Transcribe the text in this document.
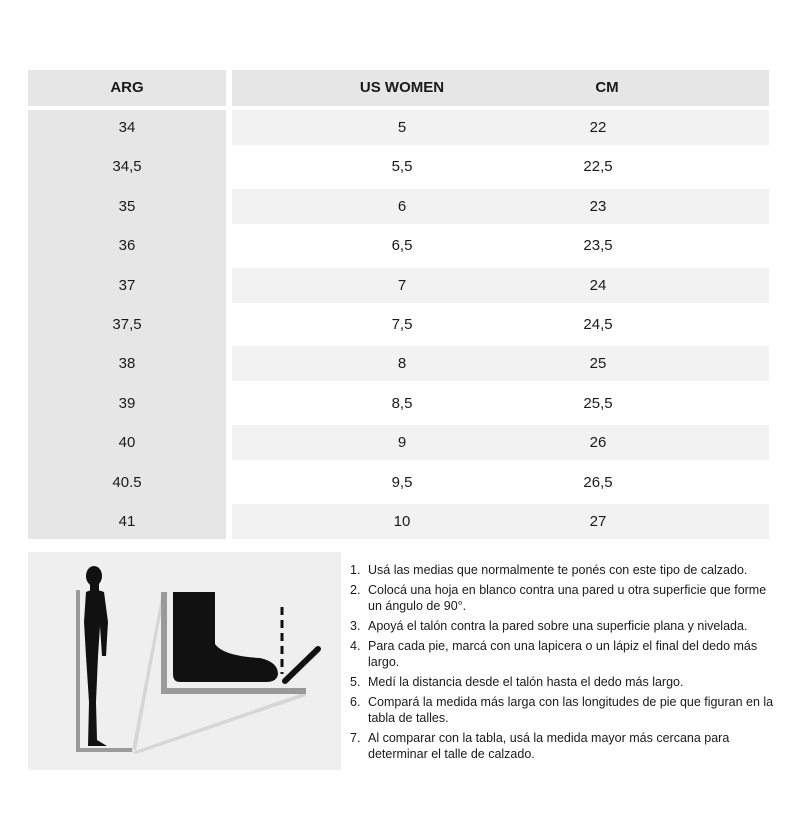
ARG	US WOMEN	CM
34	5	22
34,5	5,5	22,5
35	6	23
36	6,5	23,5
37	7	24
37,5	7,5	24,5
38	8	25
39	8,5	25,5
40	9	26
40.5	9,5	26,5
41	10	27
1. Usá las medias que normalmente te ponés con este tipo de calzado.
2. Colocá una hoja en blanco contra una pared u otra superficie que forme un ángulo de 90°.
3. Apoyá el talón contra la pared sobre una superficie plana y nivelada.
4. Para cada pie, marcá con una lapicera o un lápiz el final del dedo más largo.
5. Medí la distancia desde el talón hasta el dedo más largo.
6. Compará la medida más larga con las longitudes de pie que figuran en la tabla de talles.
7. Al comparar con la tabla, usá la medida mayor más cercana para determinar el talle de calzado.
